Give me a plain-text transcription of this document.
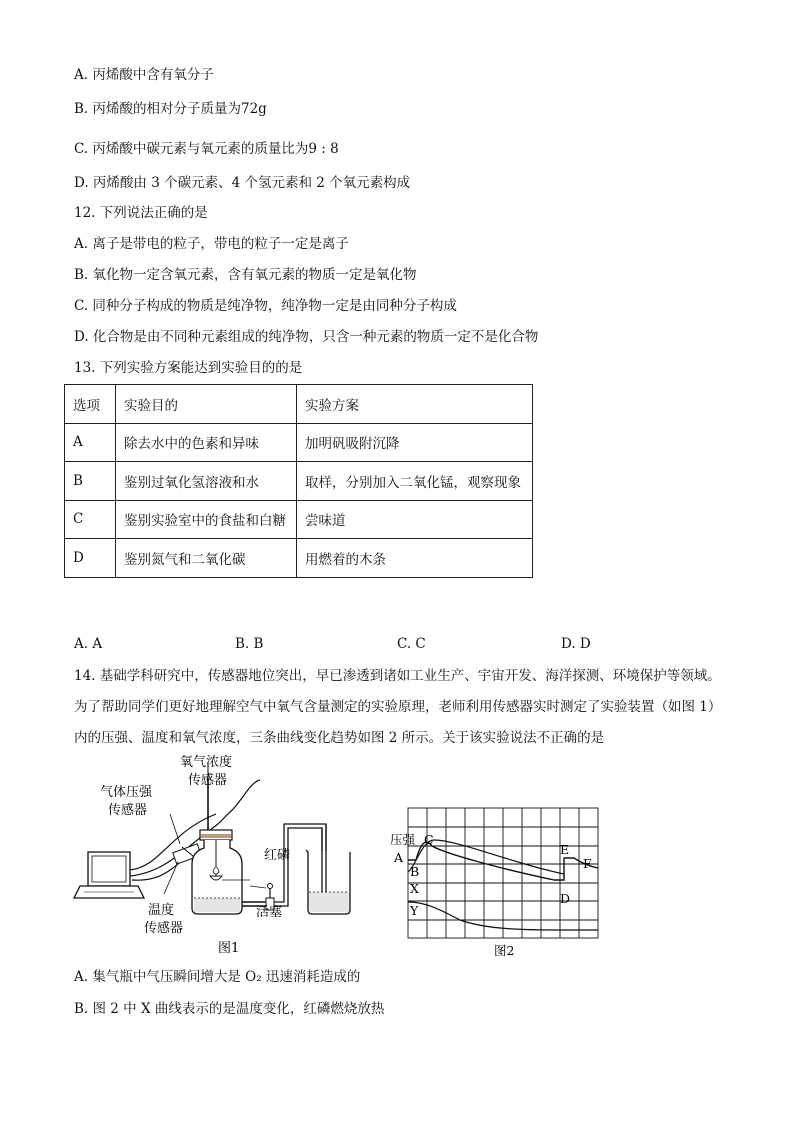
A. 丙烯酸中含有氧分子
B. 丙烯酸的相对分子质量为72g
C. 丙烯酸中碳元素与氧元素的质量比为9 : 8
D. 丙烯酸由 3 个碳元素、4 个氢元素和 2 个氧元素构成
12. 下列说法正确的是
A. 离子是带电的粒子，带电的粒子一定是离子
B. 氧化物一定含氧元素，含有氧元素的物质一定是氧化物
C. 同种分子构成的物质是纯净物，纯净物一定是由同种分子构成
D. 化合物是由不同种元素组成的纯净物，只含一种元素的物质一定不是化合物
13. 下列实验方案能达到实验目的的是
选项	实验目的	实验方案
A	除去水中的色素和异味	加明矾吸附沉降
B	鉴别过氧化氢溶液和水	取样，分别加入二氧化锰，观察现象
C	鉴别实验室中的食盐和白糖	尝味道
D	鉴别氮气和二氧化碳	用燃着的木条
A. A	B. B	C. C	D. D
14. 基础学科研究中，传感器地位突出，早已渗透到诸如工业生产、宇宙开发、海洋探测、环境保护等领域。
为了帮助同学们更好地理解空气中氧气含量测定的实验原理，老师利用传感器实时测定了实验装置（如图 1）
内的压强、温度和氧气浓度，三条曲线变化趋势如图 2 所示。关于该实验说法不正确的是
氧气浓度
传感器
气体压强
传感器
红磷
活塞
温度
传感器
图1
压强
A
B
C
D
E
F
X
Y
图2
A. 集气瓶中气压瞬间增大是 O₂ 迅速消耗造成的
B. 图 2 中 X 曲线表示的是温度变化，红磷燃烧放热
